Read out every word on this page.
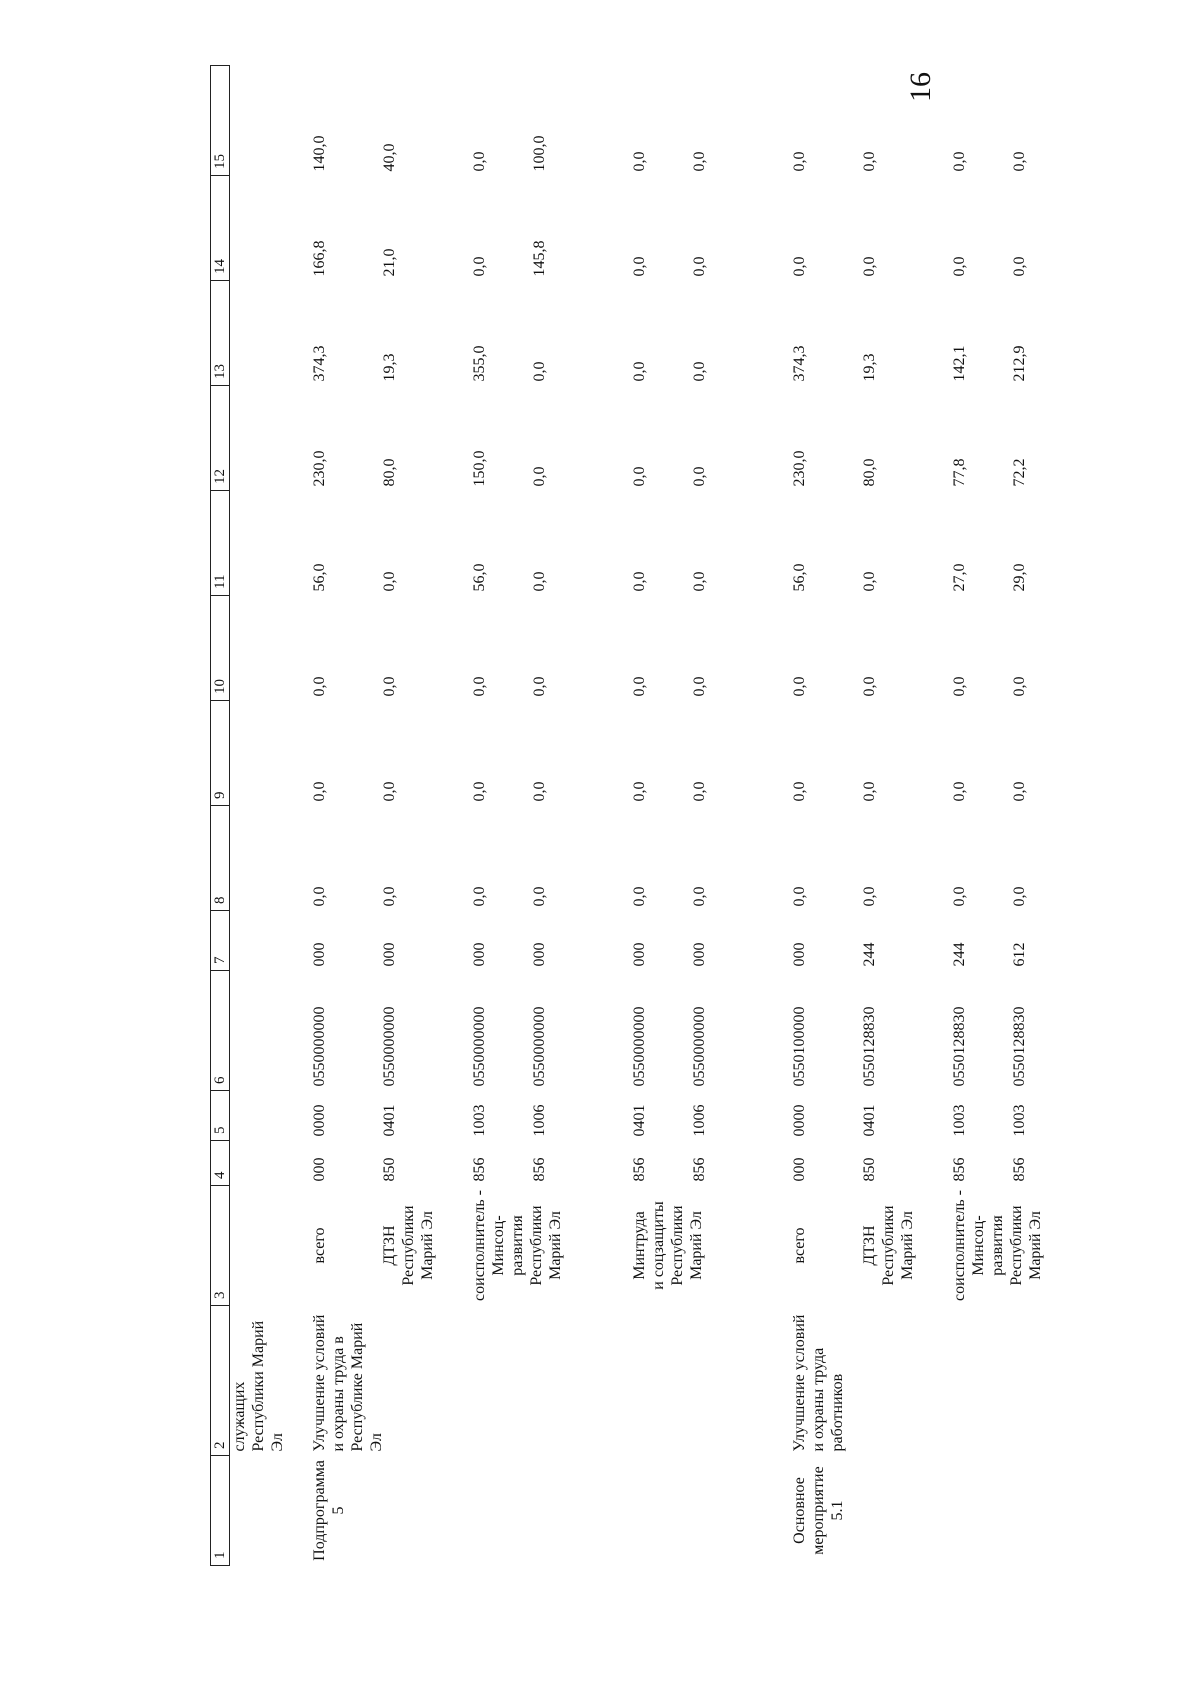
16
1	2	3	4	5	6	7	8	9	10	11	12	13	14	15
	служащих Республики Марий Эл													
Подпрограмма
5	Улучшение условий и охраны труда в Республике Марий Эл	всего	000	0000	0550000000	000	0,0	0,0	0,0	56,0	230,0	374,3	166,8	140,0
		ДТЗН
Республики
Марий Эл	850	0401	0550000000	000	0,0	0,0	0,0	0,0	80,0	19,3	21,0	40,0
		соисполнитель -
Минсоц-
развития
Республики
Марий Эл	856	1003	0550000000	000	0,0	0,0	0,0	56,0	150,0	355,0	0,0	0,0
			856	1006	0550000000	000	0,0	0,0	0,0	0,0	0,0	0,0	145,8	100,0
		Минтруда
и соцзащиты
Республики
Марий Эл	856	0401	0550000000	000	0,0	0,0	0,0	0,0	0,0	0,0	0,0	0,0
			856	1006	0550000000	000	0,0	0,0	0,0	0,0	0,0	0,0	0,0	0,0
Основное
мероприятие
5.1	Улучшение условий и охраны труда работников	всего	000	0000	0550100000	000	0,0	0,0	0,0	56,0	230,0	374,3	0,0	0,0
		ДТЗН
Республики
Марий Эл	850	0401	0550128830	244	0,0	0,0	0,0	0,0	80,0	19,3	0,0	0,0
		соисполнитель -
Минсоц-
развития
Республики
Марий Эл	856	1003	0550128830	244	0,0	0,0	0,0	27,0	77,8	142,1	0,0	0,0
			856	1003	0550128830	612	0,0	0,0	0,0	29,0	72,2	212,9	0,0	0,0
